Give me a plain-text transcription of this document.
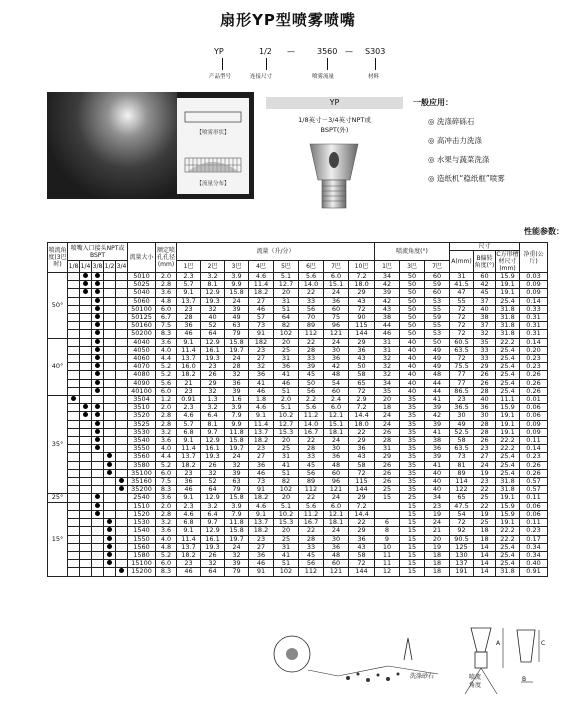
扇形YP型喷雾喷嘴
YP	1/2 —	3560 — S303
产品型号	连接尺寸	喷雾流量	材料
【喷雾形状】
【流量分布】
YP
1/8英寸－3/4英寸NPT或
BSPT(外)
一般应用：
◎ 洗涤碎砾石
◎ 高冲击力洗涤
◎ 水果与蔬菜洗涤
◎ 造纸机“稳纸框”喷雾
性能参数：
喷流角度(3巴时)	喷嘴入口接头NPT或BSPT					流量大小	额定喷孔孔径(mm)	流量（升/分）								喷流角度(°)			尺寸			净重(公斤)
																			A(mm)	B偏转角度(°)	C方形槽材尺寸(mm)	
	1/8	1/4	3/8	1/2	3/4			1巴	2巴	3巴	4巴	5巴	6巴	7巴	10巴	1巴	3巴	7巴				
50°						5010	2.0	2.3	3.2	3.9	4.6	5.1	5.6	6.0	7.2	34	50	60	31	60	15.9	0.03
						5025	2.8	5.7	8.1	9.9	11.4	12.7	14.0	15.1	18.0	42	50	59	41.5	42	19.1	0.09
						5040	3.6	9.1	12.9	15.8	18.2	20	22	24	29	39	50	60	47	45	19.1	0.09
						5060	4.8	13.7	19.3	24	27	31	33	36	43	42	50	53	55	37	25.4	0.14
						50100	6.0	23	32	39	46	51	56	60	72	43	50	55	72	40	31.8	0.33
						50125	6.7	28	40	49	57	64	70	75	90	38	50	59	72	38	31.8	0.31
						50160	7.5	36	52	63	73	82	89	96	115	44	50	55	72	37	31.8	0.31
						50200	8.3	46	64	79	91	102	112	121	144	46	50	53	72	32	31.8	0.31
40°						4040	3.6	9.1	12.9	15.8	182	20	22	24	29	31	40	50	60.5	35	22.2	0.14
						4050	4.0	11.4	16.1	19.7	23	25	28	30	36	31	40	49	63.5	33	25.4	0.20
						4060	4.4	13.7	19.3	24	27	31	33	36	43	32	40	49	72	33	25.4	0.23
						4070	5.2	16.0	23	28	32	36	39	42	50	32	40	49	75.5	29	25.4	0.23
						4080	5.2	18.2	26	32	36	41	45	48	58	32	40	48	77	26	25.4	0.26
						4090	5.6	21	29	36	41	46	50	54	65	34	40	44	77	26	25.4	0.26
						40100	6.0	23	32	39	46	51	56	60	72	35	40	44	86.5	28	25.4	0.26
35°						3504	1.2	0.91	1.3	1.6	1.8	2.0	2.2	2.4	2.9	20	35	41	23	40	11.1	0.01
						3510	2.0	2.3	3.2	3.9	4.6	5.1	5.6	6.0	7.2	18	35	39	36.5	36	15.9	0.06
						3520	2.8	4.6	6.4	7.9	9.1	10.2	11.2	12.1	14.4	24	35	42	30	30	19.1	0.06
						3525	2.8	5.7	8.1	9.9	11.4	12.7	14.0	15.1	18.0	24	35	39	49	28	19.1	0.09
						3530	3.2	6.8	9.7	11.8	13.7	15.3	16.7	18.1	22	26	35	41	52.5	28	19.1	0.09
						3540	3.6	9.1	12.9	15.8	18.2	20	22	24	29	28	35	38	58	26	22.2	0.11
						3550	4.0	11.4	16.1	19.7	23	25	28	30	36	31	35	36	63.5	23	22.2	0.14
						3560	4.4	13.7	19.3	24	27	31	33	36	43	29	35	39	73	27	25.4	0.23
						3580	5.2	18.2	26	32	36	41	45	48	58	26	35	41	81	24	25.4	0.26
						35100	6.0	23	32	39	46	51	56	60	72	26	35	40	89	19	25.4	0.26
						35160	7.5	36	52	63	73	82	89	96	115	26	35	40	114	23	31.8	0.57
						35200	8.3	46	64	79	91	102	112	121	144	25	35	40	122	22	31.8	0.57
25°						2540	3.6	9.1	12.9	15.8	18.2	20	22	24	29	15	25	34	65	25	19.1	0.11
15°						1510	2.0	2.3	3.2	3.9	4.6	5.1	5.6	6.0	7.2		15	23	47.5	22	15.9	0.06
						1520	2.8	4.6	6.4	7.9	9.1	10.2	11.2	12.1	14.4		15	19	54	19	15.9	0.06
						1530	3.2	6.8	9.7	11.8	13.7	15.3	16.7	18.1	22	6	15	24	72	25	19.1	0.11
						1540	3.6	9.1	12.9	15.8	18.2	20	22	24	29	8	15	21	92	18	22.2	0.23
						1550	4.0	11.4	16.1	19.7	23	25	28	30	36	9	15	20	90.5	18	22.2	0.17
						1560	4.8	13.7	19.3	24	27	31	33	36	43	10	15	19	125	14	25.4	0.34
						1580	5.2	18.2	26	32	36	41	45	48	58	11	15	18	130	14	25.4	0.34
						15100	6.0	23	32	39	46	51	56	60	72	11	15	18	137	14	25.4	0.40
						15200	8.3	46	64	79	91	102	112	121	144	12	15	18	191	14	31.8	0.91
洗涤砂石
A	C
B
喷流
角度
